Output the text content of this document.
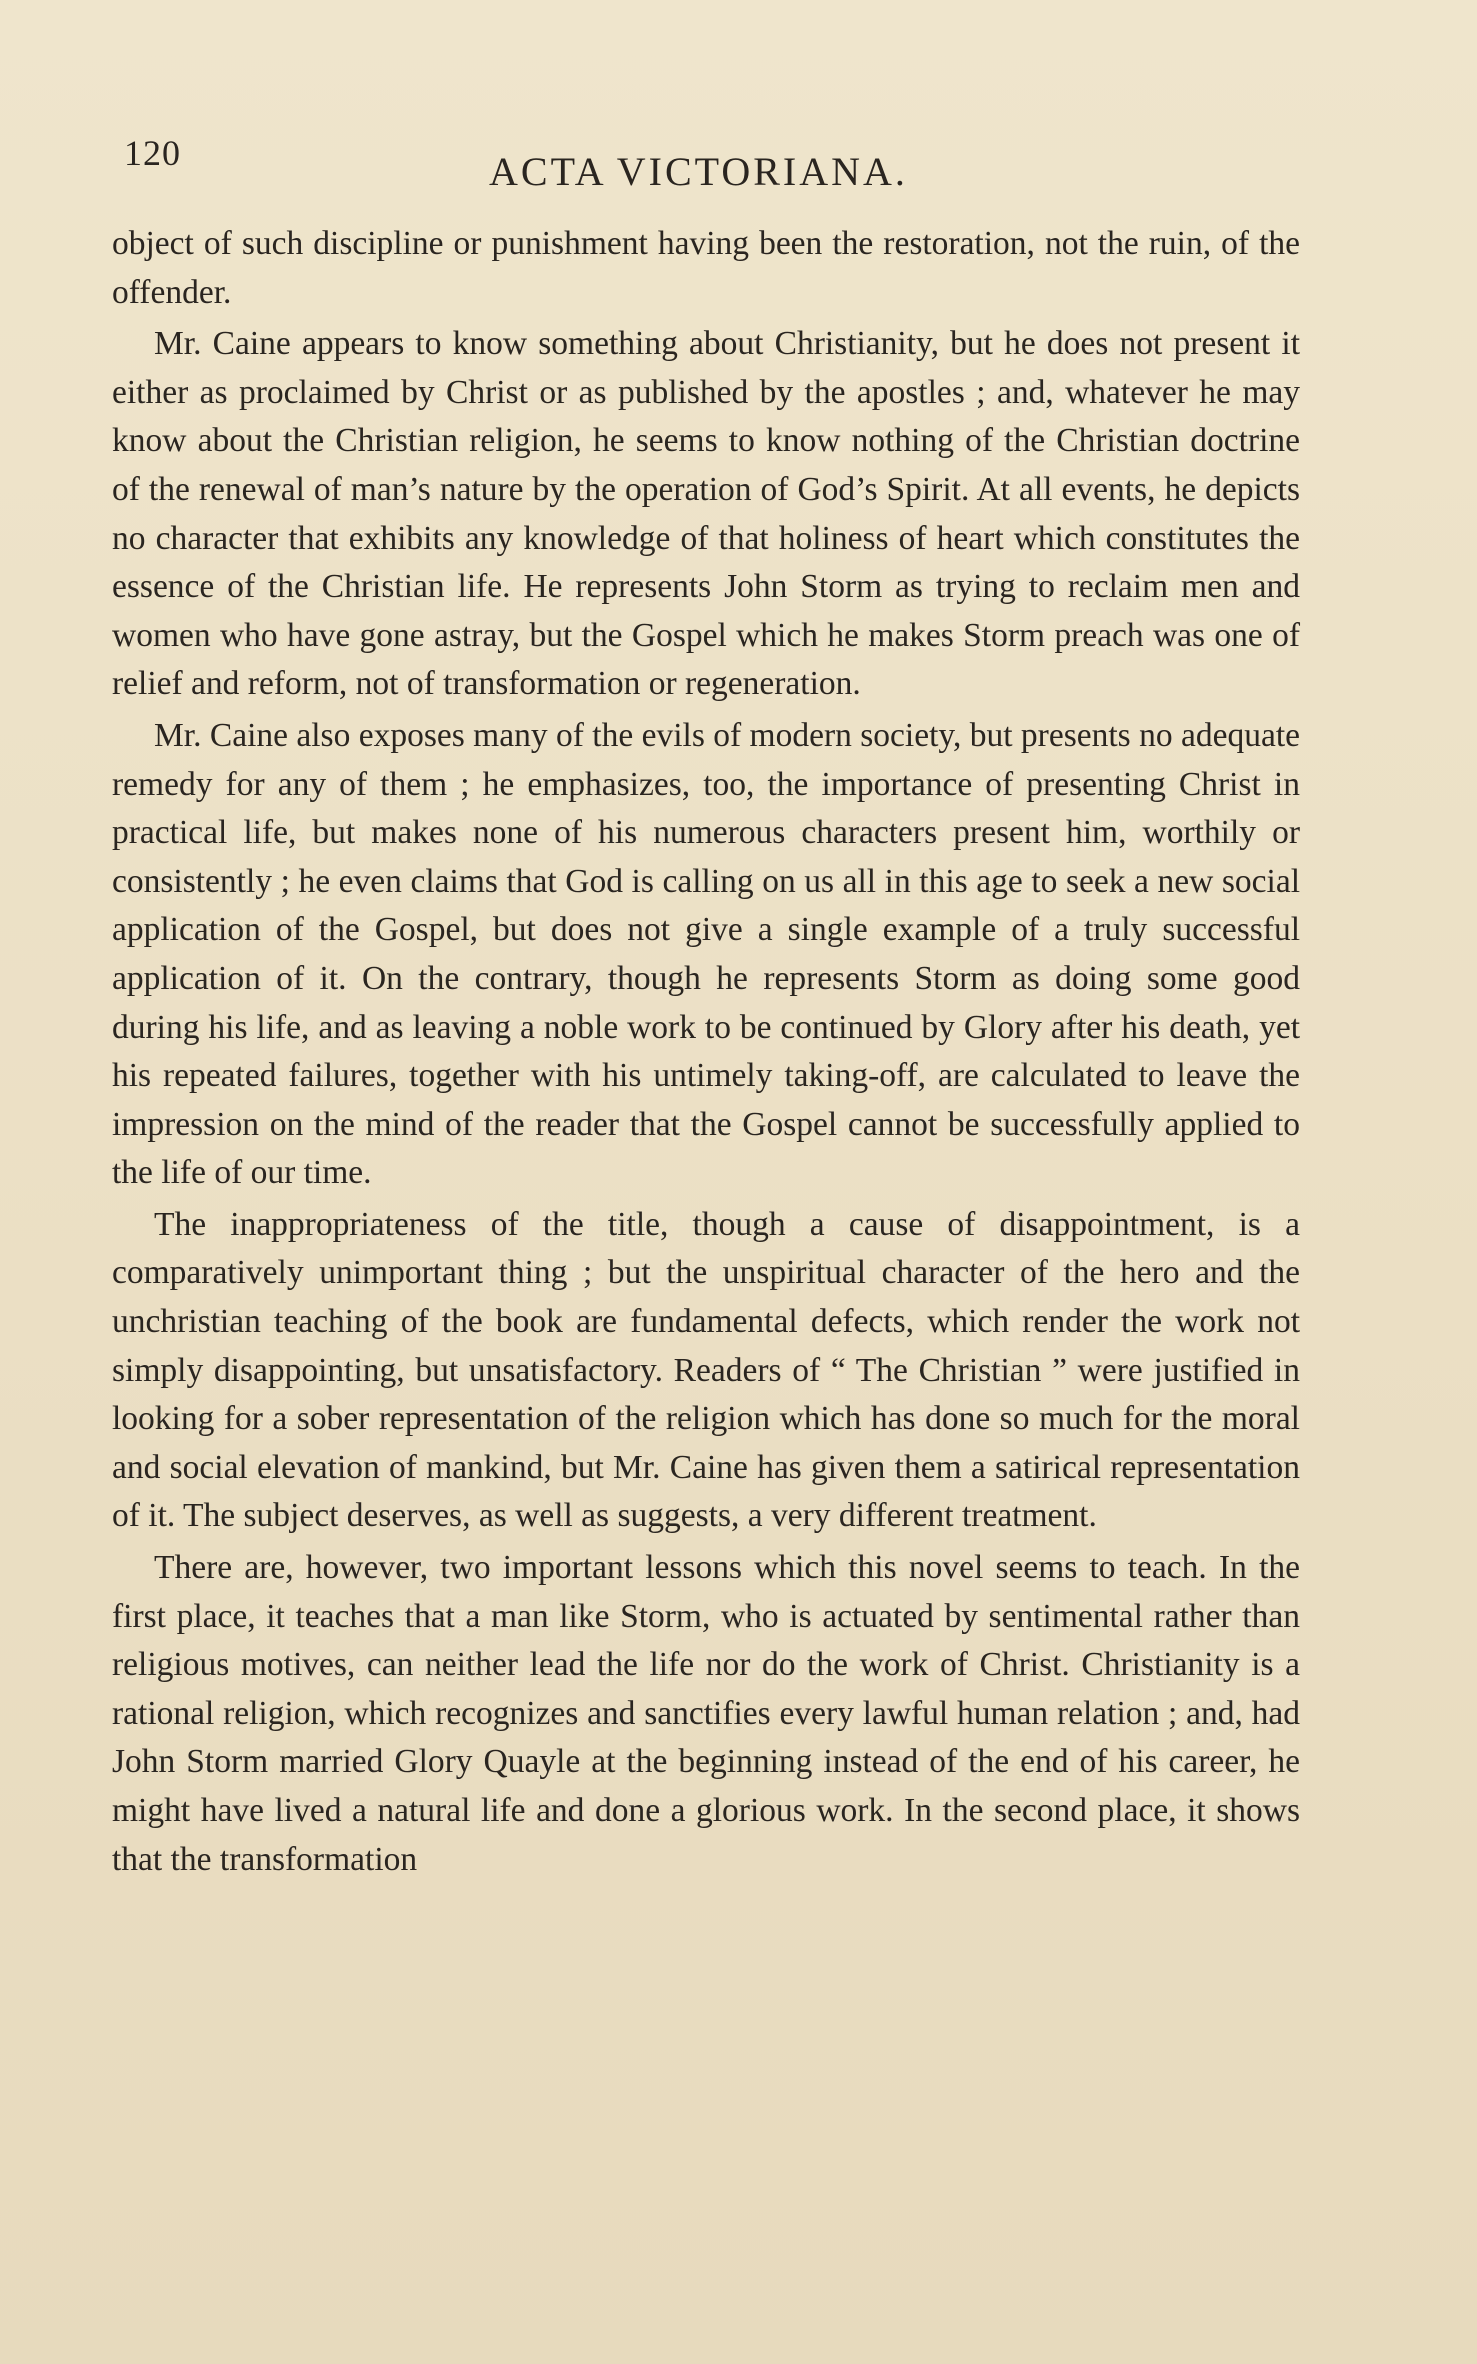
120	ACTA VICTORIANA.

object of such discipline or punishment having been the restoration, not the ruin, of the offender.

Mr. Caine appears to know something about Christianity, but he does not present it either as proclaimed by Christ or as published by the apostles ; and, whatever he may know about the Christian religion, he seems to know nothing of the Christian doctrine of the renewal of man’s nature by the operation of God’s Spirit. At all events, he depicts no character that exhibits any knowledge of that holiness of heart which constitutes the essence of the Christian life. He represents John Storm as trying to reclaim men and women who have gone astray, but the Gospel which he makes Storm preach was one of relief and reform, not of transformation or regeneration.

Mr. Caine also exposes many of the evils of modern society, but presents no adequate remedy for any of them ; he emphasizes, too, the importance of presenting Christ in practical life, but makes none of his numerous characters present him, worthily or consistently ; he even claims that God is calling on us all in this age to seek a new social application of the Gospel, but does not give a single example of a truly successful application of it. On the contrary, though he represents Storm as doing some good during his life, and as leaving a noble work to be continued by Glory after his death, yet his repeated failures, together with his untimely taking-off, are calculated to leave the impression on the mind of the reader that the Gospel cannot be successfully applied to the life of our time.

The inappropriateness of the title, though a cause of disappointment, is a comparatively unimportant thing ; but the unspiritual character of the hero and the unchristian teaching of the book are fundamental defects, which render the work not simply disappointing, but unsatisfactory. Readers of “ The Christian ” were justified in looking for a sober representation of the religion which has done so much for the moral and social elevation of mankind, but Mr. Caine has given them a satirical representation of it. The subject deserves, as well as suggests, a very different treatment.

There are, however, two important lessons which this novel seems to teach. In the first place, it teaches that a man like Storm, who is actuated by sentimental rather than religious motives, can neither lead the life nor do the work of Christ. Christianity is a rational religion, which recognizes and sanctifies every lawful human relation ; and, had John Storm married Glory Quayle at the beginning instead of the end of his career, he might have lived a natural life and done a glorious work. In the second place, it shows that the transformation
